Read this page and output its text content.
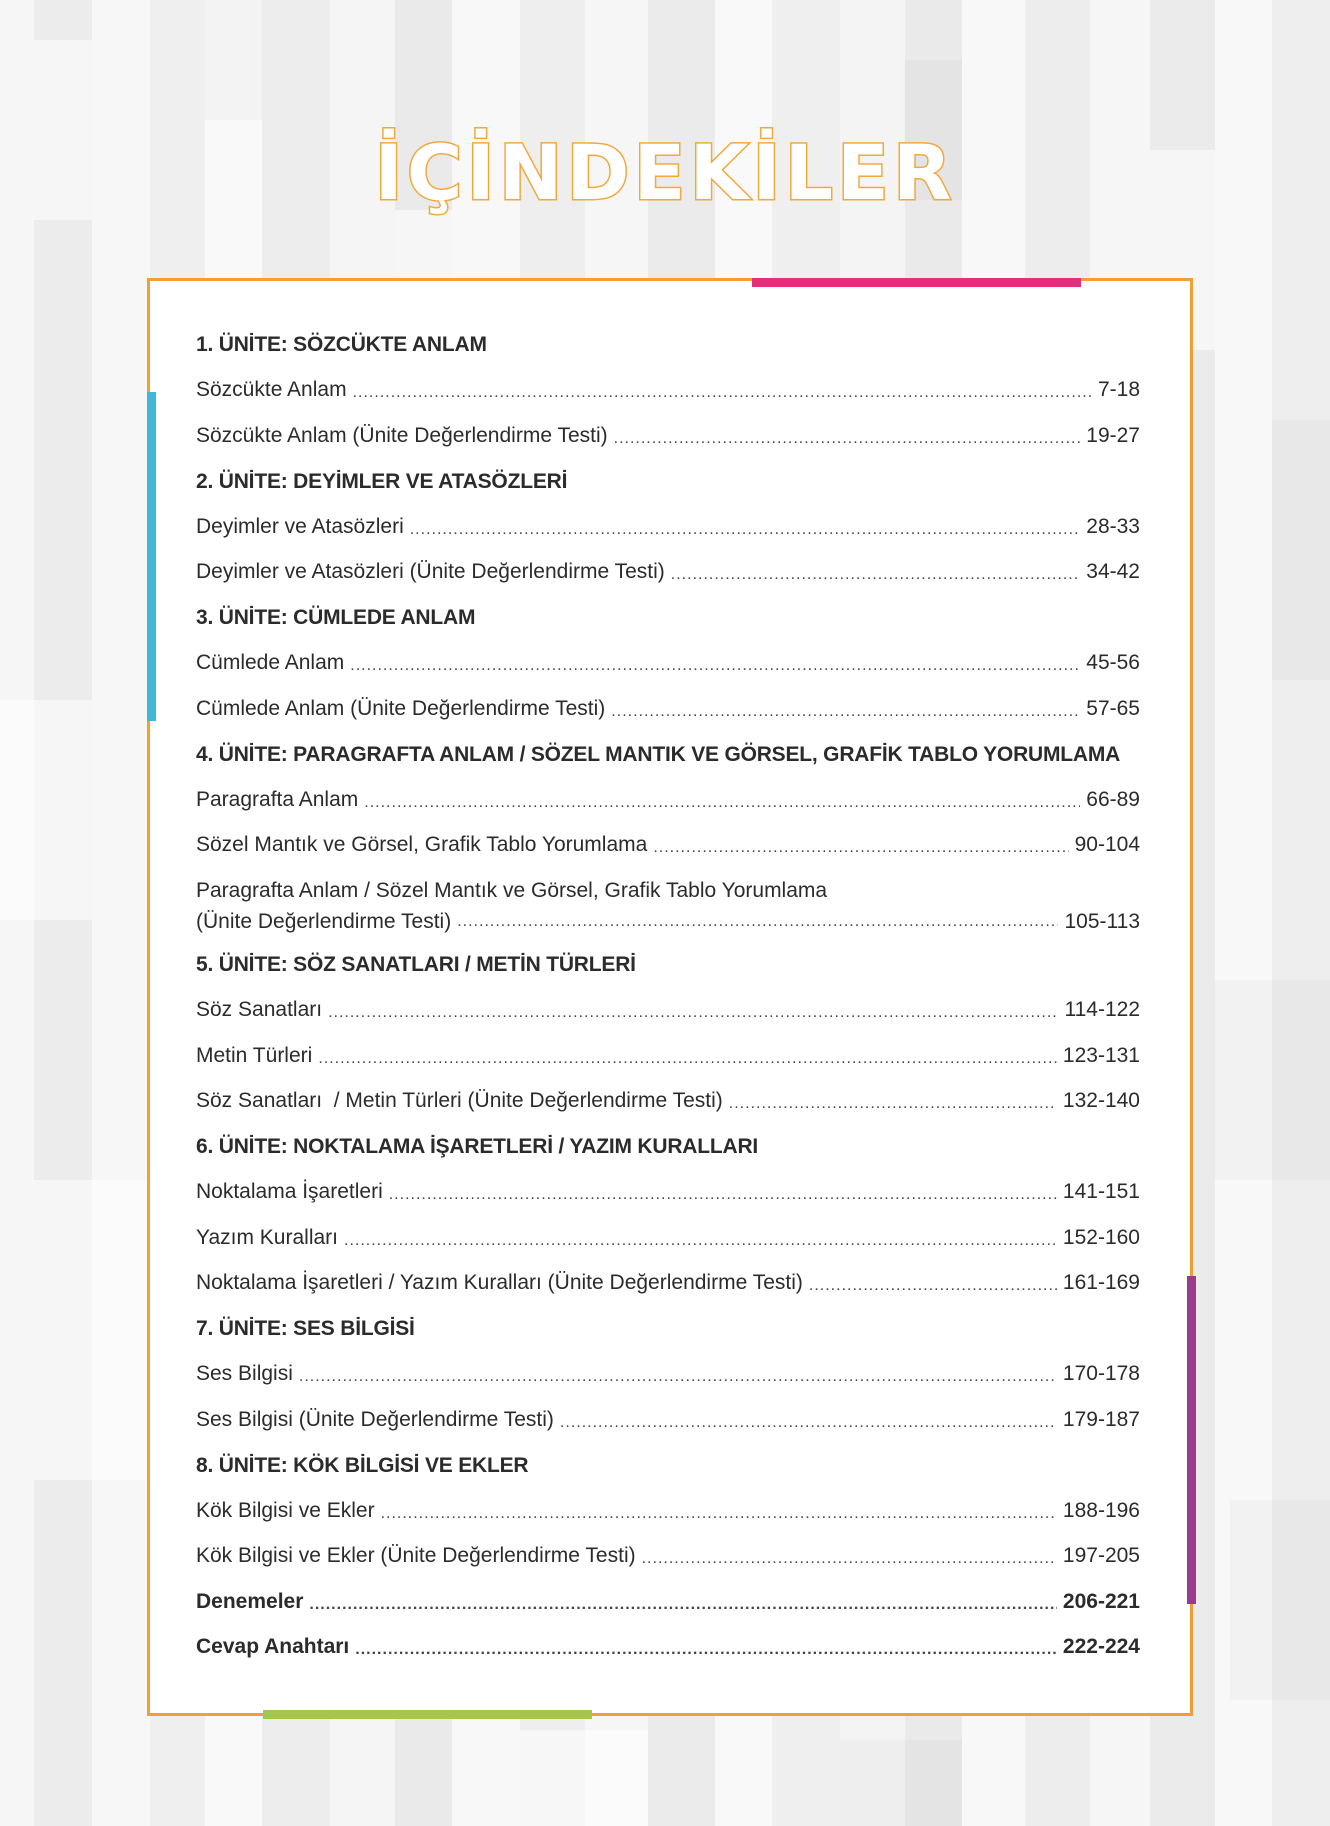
İÇİNDEKİLER
1. ÜNİTE: SÖZCÜKTE ANLAM
Sözcükte Anlam .....	7-18
Sözcükte Anlam (Ünite Değerlendirme Testi) .....	19-27
2. ÜNİTE: DEYİMLER VE ATASÖZLERİ
Deyimler ve Atasözleri .....	28-33
Deyimler ve Atasözleri (Ünite Değerlendirme Testi) .....	34-42
3. ÜNİTE: CÜMLEDE ANLAM
Cümlede Anlam .....	45-56
Cümlede Anlam (Ünite Değerlendirme Testi) .....	57-65
4. ÜNİTE: PARAGRAFTA ANLAM / SÖZEL MANTIK VE GÖRSEL, GRAFİK TABLO YORUMLAMA
Paragrafta Anlam .....	66-89
Sözel Mantık ve Görsel, Grafik Tablo Yorumlama .....	90-104
Paragrafta Anlam / Sözel Mantık ve Görsel, Grafik Tablo Yorumlama
(Ünite Değerlendirme Testi) .....	105-113
5. ÜNİTE: SÖZ SANATLARI / METİN TÜRLERİ
Söz Sanatları .....	114-122
Metin Türleri .....	123-131
Söz Sanatları  / Metin Türleri (Ünite Değerlendirme Testi) .....	132-140
6. ÜNİTE: NOKTALAMA İŞARETLERİ / YAZIM KURALLARI
Noktalama İşaretleri .....	141-151
Yazım Kuralları .....	152-160
Noktalama İşaretleri / Yazım Kuralları (Ünite Değerlendirme Testi) .....	161-169
7. ÜNİTE: SES BİLGİSİ
Ses Bilgisi .....	170-178
Ses Bilgisi (Ünite Değerlendirme Testi) .....	179-187
8. ÜNİTE: KÖK BİLGİSİ VE EKLER
Kök Bilgisi ve Ekler .....	188-196
Kök Bilgisi ve Ekler (Ünite Değerlendirme Testi) .....	197-205
Denemeler .....	206-221
Cevap Anahtarı .....	222-224
